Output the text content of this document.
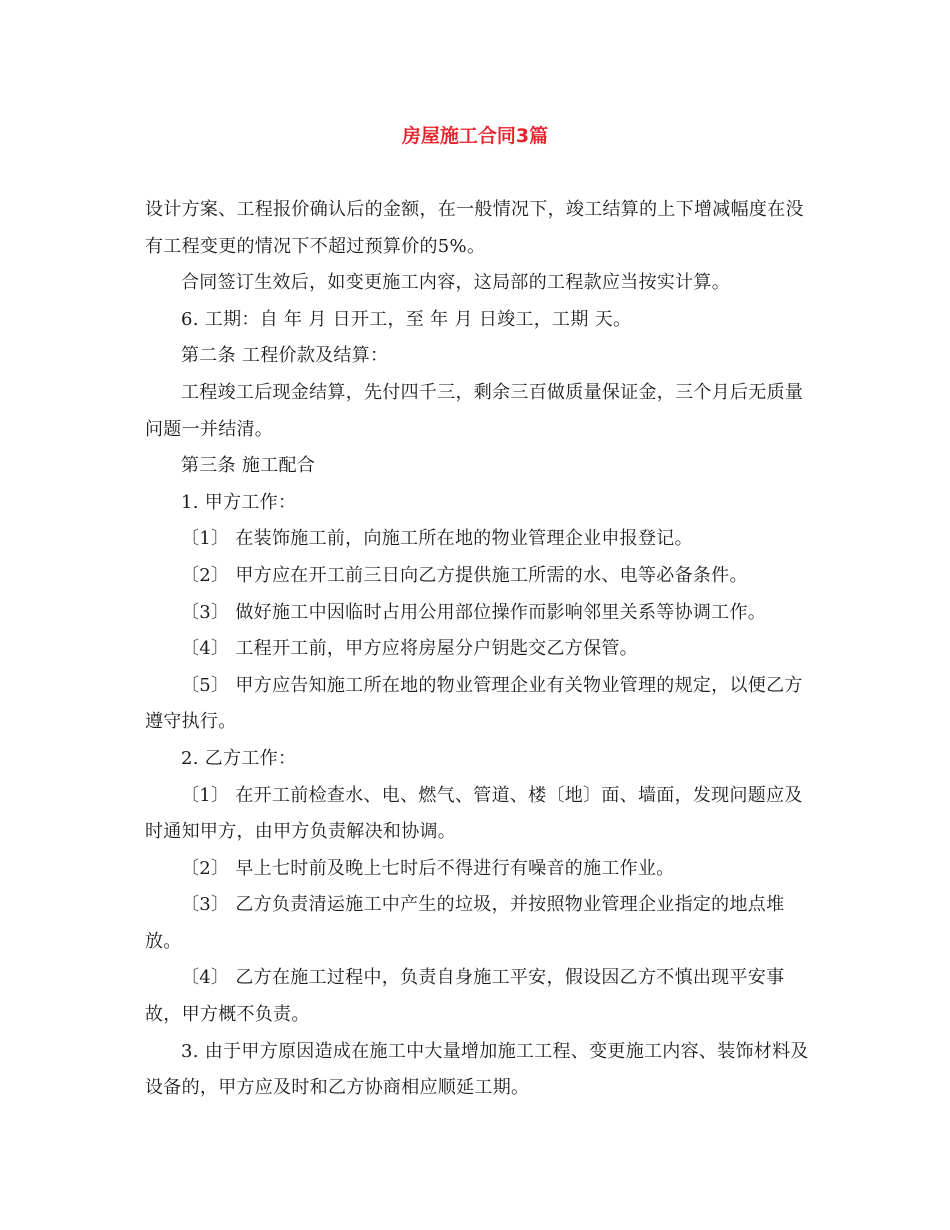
房屋施工合同3篇

设计方案、工程报价确认后的金额，在一般情况下，竣工结算的上下增减幅度在没有工程变更的情况下不超过预算价的5%。

合同签订生效后，如变更施工内容，这局部的工程款应当按实计算。

6. 工期：自 年 月 日开工，至 年 月 日竣工，工期 天。

第二条 工程价款及结算：

工程竣工后现金结算，先付四千三，剩余三百做质量保证金，三个月后无质量问题一并结清。

第三条 施工配合

1. 甲方工作：

〔1〕 在装饰施工前，向施工所在地的物业管理企业申报登记。

〔2〕 甲方应在开工前三日向乙方提供施工所需的水、电等必备条件。

〔3〕 做好施工中因临时占用公用部位操作而影响邻里关系等协调工作。

〔4〕 工程开工前，甲方应将房屋分户钥匙交乙方保管。

〔5〕 甲方应告知施工所在地的物业管理企业有关物业管理的规定，以便乙方遵守执行。

2. 乙方工作：

〔1〕 在开工前检查水、电、燃气、管道、楼〔地〕面、墙面，发现问题应及时通知甲方，由甲方负责解决和协调。

〔2〕 早上七时前及晚上七时后不得进行有噪音的施工作业。

〔3〕 乙方负责清运施工中产生的垃圾，并按照物业管理企业指定的地点堆放。

〔4〕 乙方在施工过程中，负责自身施工平安，假设因乙方不慎出现平安事故，甲方概不负责。

3. 由于甲方原因造成在施工中大量增加施工工程、变更施工内容、装饰材料及设备的，甲方应及时和乙方协商相应顺延工期。
